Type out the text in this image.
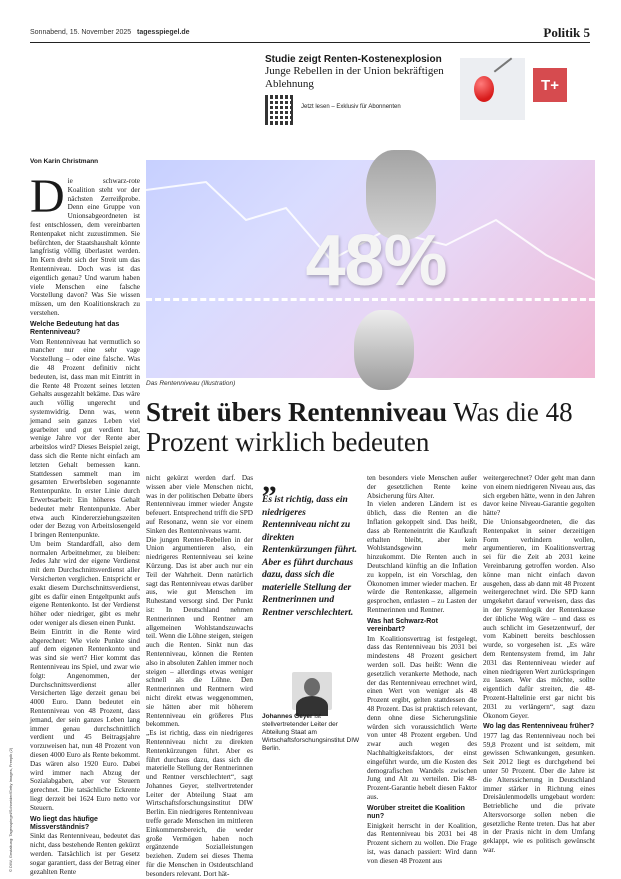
Sonnabend, 15. November 2025 tagesspiegel.de	Politik 5
Studie zeigt Renten-Kostenexplosion
Junge Rebellen in der Union bekräftigen Ablehnung
Jetzt lesen – Exklusiv für Abonnenten
T+
Von Karin Christmann
48%
Das Rentenniveau (Illustration)
Streit übers Rentenniveau Was die 48 Prozent wirklich bedeuten

Die schwarz-rote Koalition steht vor der nächsten Zerreißprobe. Denn eine Gruppe von Unionsabgeordneten ist fest entschlossen, dem vereinbarten Rentenpaket nicht zuzustimmen. Sie befürchten, der Staatshaushalt könnte langfristig völlig überlastet werden. Im Kern dreht sich der Streit um das Rentenniveau. Doch was ist das eigentlich genau? Und warum haben viele Menschen eine falsche Vorstellung davon? Was Sie wissen müssen, um den Koalitionskrach zu verstehen.

Welche Bedeutung hat das Rentenniveau?

Vom Rentenniveau hat vermutlich so mancher nur eine sehr vage Vorstellung – oder eine falsche. Was die 48 Prozent definitiv nicht bedeuten, ist, dass man mit Eintritt in die Rente 48 Prozent seines letzten Gehalts ausgezahlt bekäme. Das wäre auch völlig ungerecht und systemwidrig. Denn was, wenn jemand sein ganzes Leben viel gearbeitet und gut verdient hat, wenige Jahre vor der Rente aber arbeitslos wird? Dieses Beispiel zeigt, dass sich die Rente nicht einfach am letzten Gehalt bemessen kann. Stattdessen sammelt man im gesamten Erwerbsleben sogenannte Rentenpunkte. In erster Linie durch Erwerbsarbeit: Ein höheres Gehalt bedeutet mehr Rentenpunkte. Aber etwa auch Kindererziehungszeiten oder der Bezug von Arbeitslosengeld I bringen Rentenpunkte.

Um beim Standardfall, also dem normalen Arbeitnehmer, zu bleiben: Jedes Jahr wird der eigene Verdienst mit dem Durchschnittsverdienst aller Versicherten verglichen. Entspricht er exakt diesem Durchschnittsverdienst, gibt es dafür einen Entgeltpunkt aufs eigene Rentenkonto. Ist der Verdienst höher oder niedriger, gibt es mehr oder weniger als diesen einen Punkt.

Beim Eintritt in die Rente wird abgerechnet: Wie viele Punkte sind auf dem eigenen Rentenkonto und was sind sie wert? Hier kommt das Rentenniveau ins Spiel, und zwar wie folgt: Angenommen, der Durchschnittsverdienst aller Versicherten läge derzeit genau bei 4000 Euro. Dann bedeutet ein Rentenniveau von 48 Prozent, dass jemand, der sein ganzes Leben lang immer genau durchschnittlich verdient und 45 Beitragsjahre vorzuweisen hat, nun 48 Prozent von diesen 4000 Euro als Rente bekommt. Das wären also 1920 Euro. Dabei wird immer nach Abzug der Sozialabgaben, aber vor Steuern gerechnet. Die tatsächliche Eckrente liegt derzeit bei 1624 Euro netto vor Steuern.

Wo liegt das häufige Missverständnis?

Sinkt das Rentenniveau, bedeutet das nicht, dass bestehende Renten gekürzt werden. Tatsächlich ist per Gesetz sogar garantiert, dass der Betrag einer gezahlten Rente

nicht gekürzt werden darf. Das wissen aber viele Menschen nicht, was in der politischen Debatte übers Rentenniveau immer wieder Ängste befeuert. Entsprechend trifft die SPD auf Resonanz, wenn sie vor einem Sinken des Rentenniveaus warnt.

Die jungen Renten-Rebellen in der Union argumentieren also, ein niedrigeres Rentenniveau sei keine Kürzung. Das ist aber auch nur ein Teil der Wahrheit. Denn natürlich sagt das Rentenniveau etwas darüber aus, wie gut Menschen im Ruhestand versorgt sind. Der Punkt ist: In Deutschland nehmen Rentnerinnen und Rentner am allgemeinen Wohlstandszuwachs teil. Wenn die Löhne steigen, steigen auch die Renten. Sinkt nun das Rentenniveau, können die Renten also in absoluten Zahlen immer noch steigen – allerdings etwas weniger schnell als die Löhne. Den Rentnerinnen und Rentnern wird nicht direkt etwas weggenommen, sie hätten aber mit höherem Rentenniveau ein größeres Plus bekommen.

„Es ist richtig, dass ein niedrigeres Rentenniveau nicht zu direkten Rentenkürzungen führt. Aber es führt durchaus dazu, dass sich die materielle Stellung der Rentnerinnen und Rentner verschlechtert“, sagt Johannes Geyer, stellvertretender Leiter der Abteilung Staat am Wirtschaftsforschungsinstitut DIW Berlin. Ein niedrigeres Rentenniveau treffe gerade Menschen im mittleren Einkommensbereich, die weder große Vermögen haben noch ergänzende Sozialleistungen beziehen. Zudem sei dieses Thema für die Menschen in Ostdeutschland besonders relevant. Dort hät-

„
Es ist richtig, dass ein niedrigeres Rentenniveau nicht zu direkten Rentenkürzungen führt. Aber es führt durchaus dazu, dass sich die materielle Stellung der Rentnerinnen und Rentner verschlechtert.
Johannes Geyer ist stellvertretender Leiter der Abteilung Staat am Wirtschaftsforschungsinstitut DIW Berlin.

ten besonders viele Menschen außer der gesetzlichen Rente keine Absicherung fürs Alter.

In vielen anderen Ländern ist es üblich, dass die Renten an die Inflation gekoppelt sind. Das heißt, dass ab Renteneintritt die Kaufkraft erhalten bleibt, aber kein Wohlstandsgewinn mehr hinzukommt. Die Renten auch in Deutschland künftig an die Inflation zu koppeln, ist ein Vorschlag, den Ökonomen immer wieder machen. Er würde die Rentenkasse, allgemein gesprochen, entlasten – zu Lasten der Rentnerinnen und Rentner.

Was hat Schwarz-Rot vereinbart?

Im Koalitionsvertrag ist festgelegt, dass das Rentenniveau bis 2031 bei mindestens 48 Prozent gesichert werden soll. Das heißt: Wenn die gesetzlich verankerte Methode, nach der das Rentenniveau errechnet wird, einen Wert von weniger als 48 Prozent ergibt, gelten stattdessen die 48 Prozent. Das ist praktisch relevant, denn ohne diese Sicherungslinie würden sich voraussichtlich Werte von unter 48 Prozent ergeben. Und zwar auch wegen des Nachhaltigkeitsfaktors, der einst eingeführt wurde, um die Kosten des demografischen Wandels zwischen Jung und Alt zu verteilen. Die 48-Prozent-Garantie hebelt diesen Faktor aus.

Worüber streitet die Koalition nun?

Einigkeit herrscht in der Koalition, das Rentenniveau bis 2031 bei 48 Prozent sichern zu wollen. Die Frage ist, was danach passiert: Wird dann von diesen 48 Prozent aus

weitergerechnet? Oder geht man dann von einem niedrigeren Niveau aus, das sich ergeben hätte, wenn in den Jahren davor keine Niveau-Garantie gegolten hätte?

Die Unionsabgeordneten, die das Rentenpaket in seiner derzeitigen Form verhindern wollen, argumentieren, im Koalitionsvertrag sei für die Zeit ab 2031 keine Vereinbarung getroffen worden. Also könne man nicht einfach davon ausgehen, dass ab dann mit 48 Prozent weitergerechnet wird. Die SPD kann umgekehrt darauf verweisen, dass das in der Systemlogik der Rentenkasse der übliche Weg wäre – und dass es auch schlicht im Gesetzentwurf, der vom Kabinett bereits beschlossen wurde, so vorgesehen ist. „Es wäre dem Rentensystem fremd, im Jahr 2031 das Rentenniveau wieder auf einen niedrigeren Wert zurückspringen zu lassen. Wer das möchte, sollte eigentlich dafür streiten, die 48-Prozent-Haltelinie erst gar nicht bis 2031 zu verlängern“, sagt dazu Ökonom Geyer.

Wo lag das Rentenniveau früher?

1977 lag das Rentenniveau noch bei 59,8 Prozent und ist seitdem, mit gewissen Schwankungen, gesunken. Seit 2012 liegt es durchgehend bei unter 50 Prozent. Über die Jahre ist die Alterssicherung in Deutschland immer stärker in Richtung eines Dreisäulenmodells umgebaut worden: Betriebliche und die private Altersvorsorge sollen neben die gesetzliche Rente treten. Das hat aber in der Praxis nicht in dem Umfang geklappt, wie es politisch gewünscht war.

© DIW, Gestaltung: Tagesspiegel/Schneider/Getty Images, Freepik (2)
